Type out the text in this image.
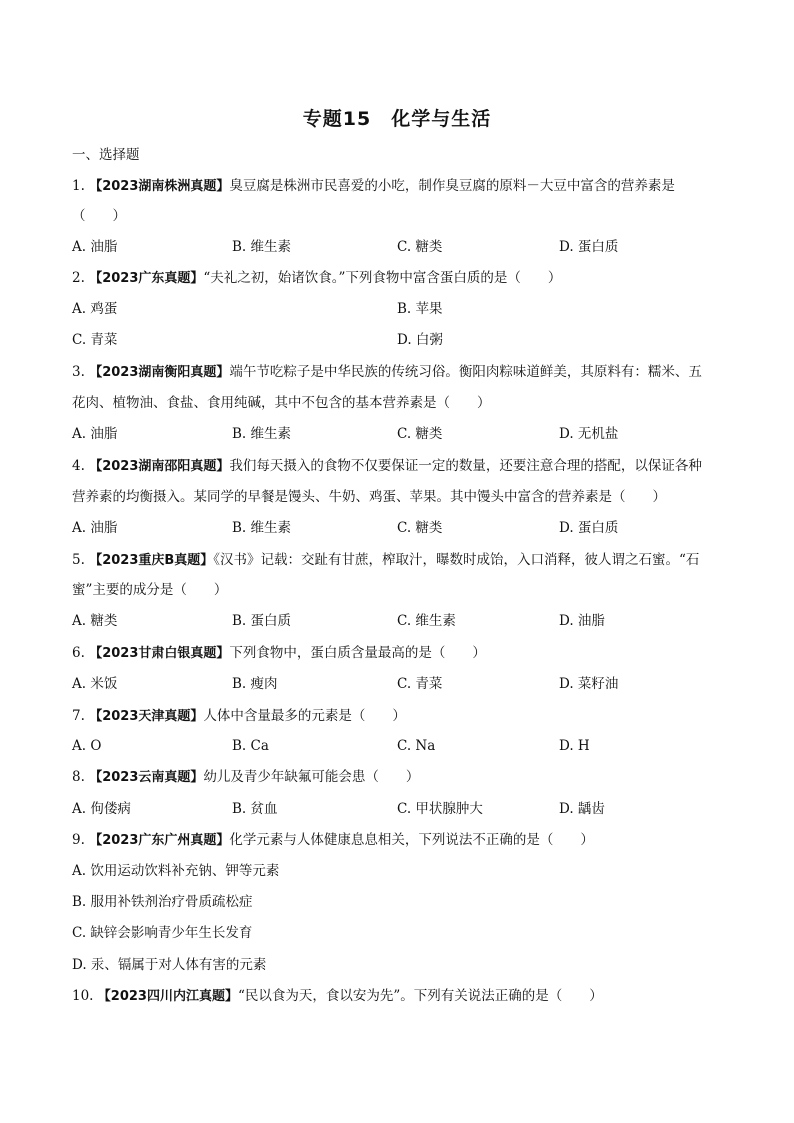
专题15　化学与生活
一、选择题
1. 【2023湖南株洲真题】臭豆腐是株洲市民喜爱的小吃，制作臭豆腐的原料－大豆中富含的营养素是
（　　）
A. 油脂	B. 维生素	C. 糖类	D. 蛋白质
2. 【2023广东真题】“夫礼之初，始诸饮食。”下列食物中富含蛋白质的是（　　）
A. 鸡蛋	B. 苹果
C. 青菜	D. 白粥
3. 【2023湖南衡阳真题】端午节吃粽子是中华民族的传统习俗。衡阳肉粽味道鲜美，其原料有：糯米、五
花肉、植物油、食盐、食用纯碱，其中不包含的基本营养素是（　　）
A. 油脂	B. 维生素	C. 糖类	D. 无机盐
4. 【2023湖南邵阳真题】我们每天摄入的食物不仅要保证一定的数量，还要注意合理的搭配，以保证各种
营养素的均衡摄入。某同学的早餐是馒头、牛奶、鸡蛋、苹果。其中馒头中富含的营养素是（　　）
A. 油脂	B. 维生素	C. 糖类	D. 蛋白质
5. 【2023重庆B真题】《汉书》记载：交趾有甘蔗，榨取汁，曝数时成饴，入口消释，彼人谓之石蜜。“石
蜜”主要的成分是（　　）
A. 糖类	B. 蛋白质	C. 维生素	D. 油脂
6. 【2023甘肃白银真题】下列食物中，蛋白质含量最高的是（　　）
A. 米饭	B. 瘦肉	C. 青菜	D. 菜籽油
7. 【2023天津真题】人体中含量最多的元素是（　　）
A. O	B. Ca	C. Na	D. H
8. 【2023云南真题】幼儿及青少年缺氟可能会患（　　）
A. 佝偻病	B. 贫血	C. 甲状腺肿大	D. 龋齿
9. 【2023广东广州真题】化学元素与人体健康息息相关，下列说法不正确的是（　　）
A. 饮用运动饮料补充钠、钾等元素
B. 服用补铁剂治疗骨质疏松症
C. 缺锌会影响青少年生长发育
D. 汞、镉属于对人体有害的元素
10. 【2023四川内江真题】“民以食为天，食以安为先”。下列有关说法正确的是（　　）
